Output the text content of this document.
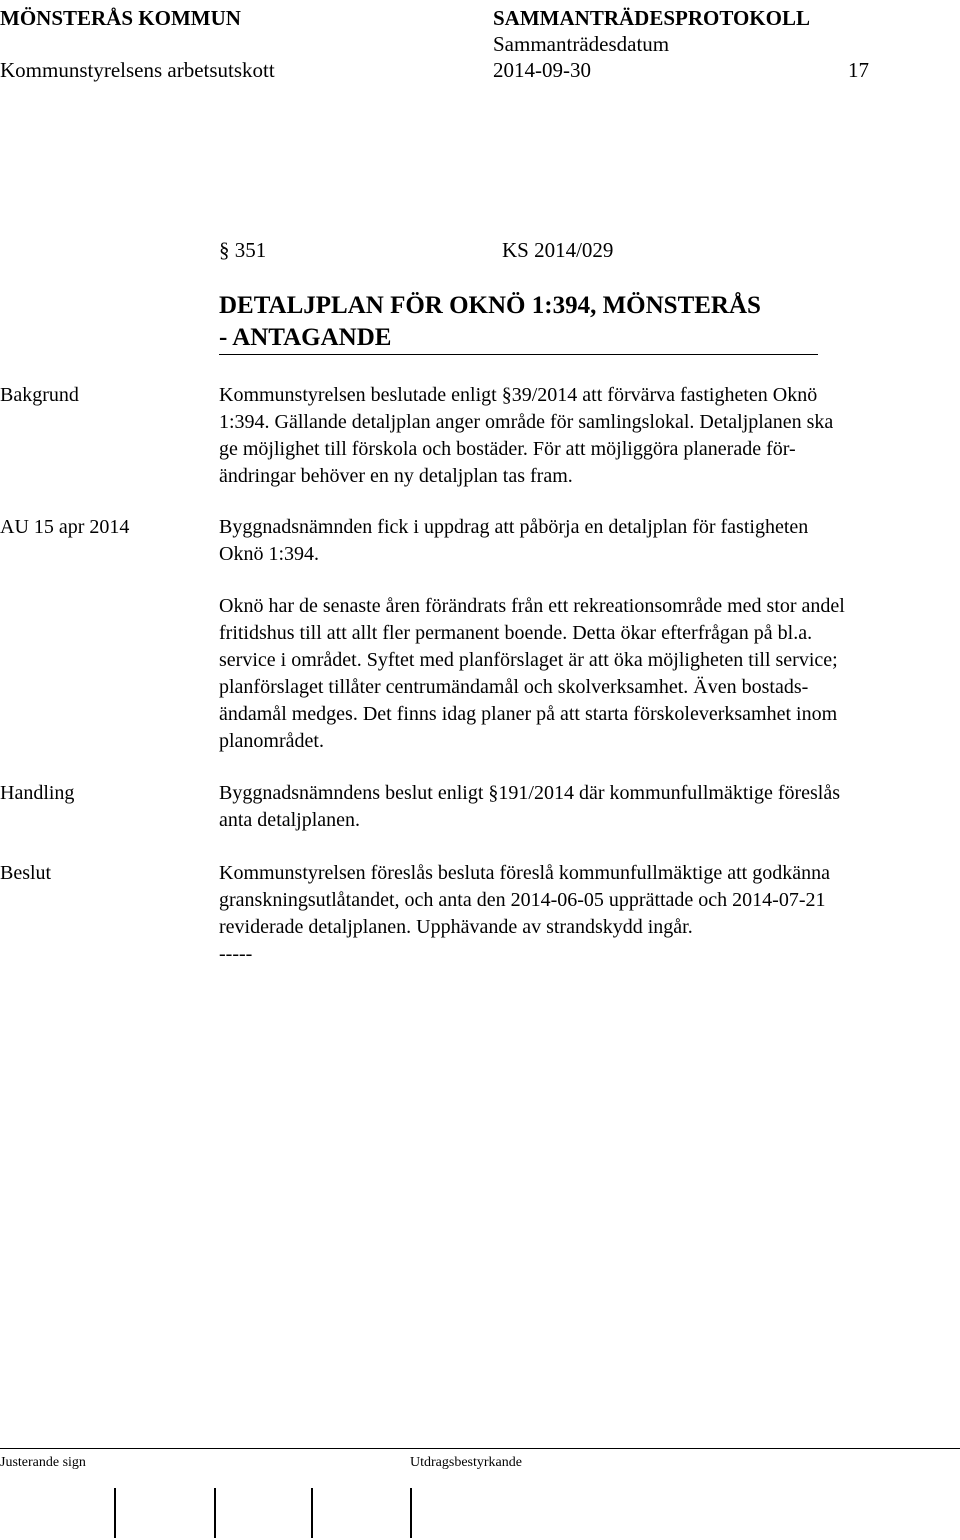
MÖNSTERÅS KOMMUN	SAMMANTRÄDESPROTOKOLL
Sammanträdesdatum
Kommunstyrelsens arbetsutskott	2014-09-30	17
§ 351	KS 2014/029
DETALJPLAN FÖR OKNÖ 1:394, MÖNSTERÅS
- ANTAGANDE
Bakgrund	Kommunstyrelsen beslutade enligt §39/2014 att förvärva fastigheten Oknö

1:394. Gällande detaljplan anger område för samlingslokal. Detaljplanen ska

ge möjlighet till förskola och bostäder. För att möjliggöra planerade för-

ändringar behöver en ny detaljplan tas fram.

AU 15 apr 2014	Byggnadsnämnden fick i uppdrag att påbörja en detaljplan för fastigheten

Oknö 1:394.

Oknö har de senaste åren förändrats från ett rekreationsområde med stor andel

fritidshus till att allt fler permanent boende. Detta ökar efterfrågan på bl.a.

service i området. Syftet med planförslaget är att öka möjligheten till service;

planförslaget tillåter centrumändamål och skolverksamhet. Även bostads-

ändamål medges. Det finns idag planer på att starta förskoleverksamhet inom

planområdet.

Handling	Byggnadsnämndens beslut enligt §191/2014 där kommunfullmäktige föreslås

anta detaljplanen.

Beslut	Kommunstyrelsen föreslås besluta föreslå kommunfullmäktige att godkänna

granskningsutlåtandet, och anta den 2014-06-05 upprättade och 2014-07-21

reviderade detaljplanen. Upphävande av strandskydd ingår.

-----

Justerande sign	Utdragsbestyrkande
